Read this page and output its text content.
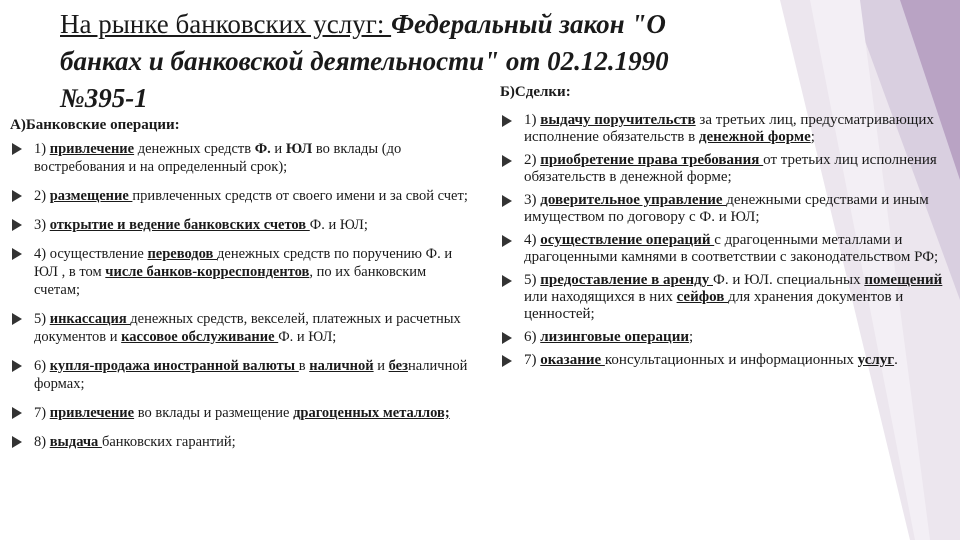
На рынке банковских услуг: Федеральный закон "О банках и банковской деятельности" от 02.12.1990 №395-1
А)Банковские операции:
1) привлечение денежных средств Ф. и ЮЛ во вклады (до востребования и на определенный срок);
2) размещение привлеченных средств от своего имени и за свой счет;
3) открытие и ведение банковских счетов Ф. и ЮЛ;
4) осуществление переводов денежных средств по поручению Ф. и ЮЛ , в том числе банков-корреспондентов, по их банковским счетам;
5) инкассация денежных средств, векселей, платежных и расчетных документов и кассовое обслуживание Ф. и ЮЛ;
6) купля-продажа иностранной валюты в наличной и безналичной формах;
7) привлечение во вклады и размещение драгоценных металлов;
8) выдача банковских гарантий;
Б)Сделки:
1) выдачу поручительств за третьих лиц, предусматривающих исполнение обязательств в денежной форме;
2) приобретение права требования от третьих лиц исполнения обязательств в денежной форме;
3) доверительное управление денежными средствами и иным имуществом по договору с Ф. и ЮЛ;
4) осуществление операций с драгоценными металлами и драгоценными камнями в соответствии с законодательством РФ;
5) предоставление в аренду Ф. и ЮЛ. специальных помещений или находящихся в них сейфов для хранения документов и ценностей;
6) лизинговые операции;
7) оказание консультационных и информационных услуг.
